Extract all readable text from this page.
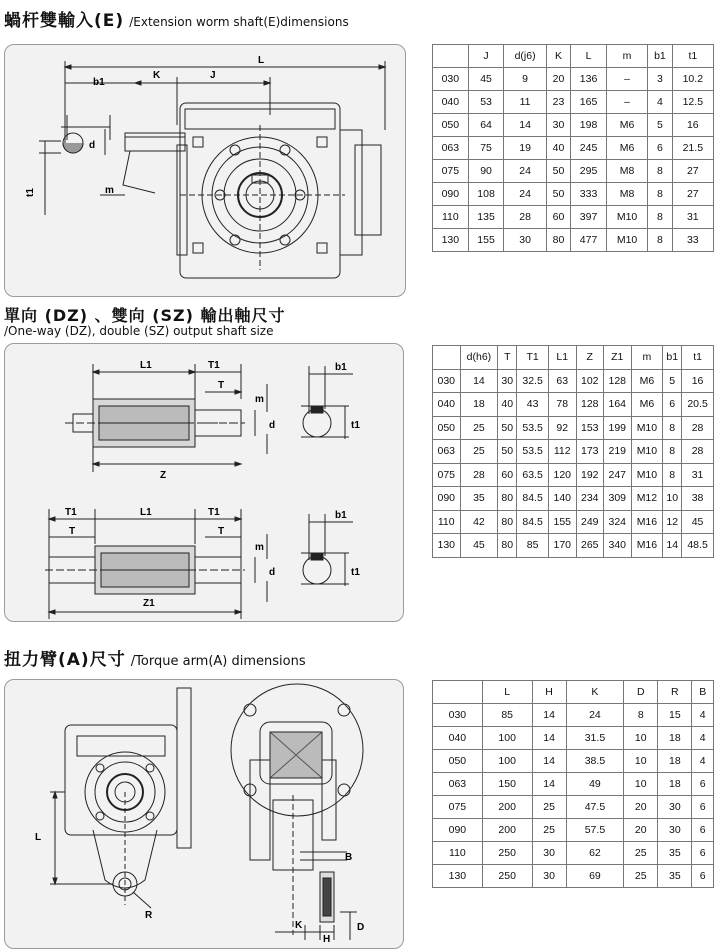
蝸杆雙輸入(E) /Extension worm shaft(E)dimensions
L
K	J
b1
d
t1	m
	J	d(j6)	K	L	m	b1	t1
030	45	9	20	136	–	3	10.2
040	53	11	23	165	–	4	12.5
050	64	14	30	198	M6	5	16
063	75	19	40	245	M6	6	21.5
075	90	24	50	295	M8	8	27
090	108	24	50	333	M8	8	27
110	135	28	60	397	M10	8	31
130	155	30	80	477	M10	8	33
單向 (DZ) 、雙向 (SZ) 輸出軸尺寸
/One-way (DZ), double (SZ) output shaft size
L1	T1
T
m
d
Z
b1
t1
T1	L1	T1
T	T
m
d
Z1
b1
t1
	d(h6)	T	T1	L1	Z	Z1	m	b1	t1
030	14	30	32.5	63	102	128	M6	5	16
040	18	40	43	78	128	164	M6	6	20.5
050	25	50	53.5	92	153	199	M10	8	28
063	25	50	53.5	112	173	219	M10	8	28
075	28	60	63.5	120	192	247	M10	8	31
090	35	80	84.5	140	234	309	M12	10	38
110	42	80	84.5	155	249	324	M16	12	45
130	45	80	85	170	265	340	M16	14	48.5
扭力臂(A)尺寸 /Torque arm(A) dimensions
L
R
B
K
H
D
	L	H	K	D	R	B
030	85	14	24	8	15	4
040	100	14	31.5	10	18	4
050	100	14	38.5	10	18	4
063	150	14	49	10	18	6
075	200	25	47.5	20	30	6
090	200	25	57.5	20	30	6
110	250	30	62	25	35	6
130	250	30	69	25	35	6
